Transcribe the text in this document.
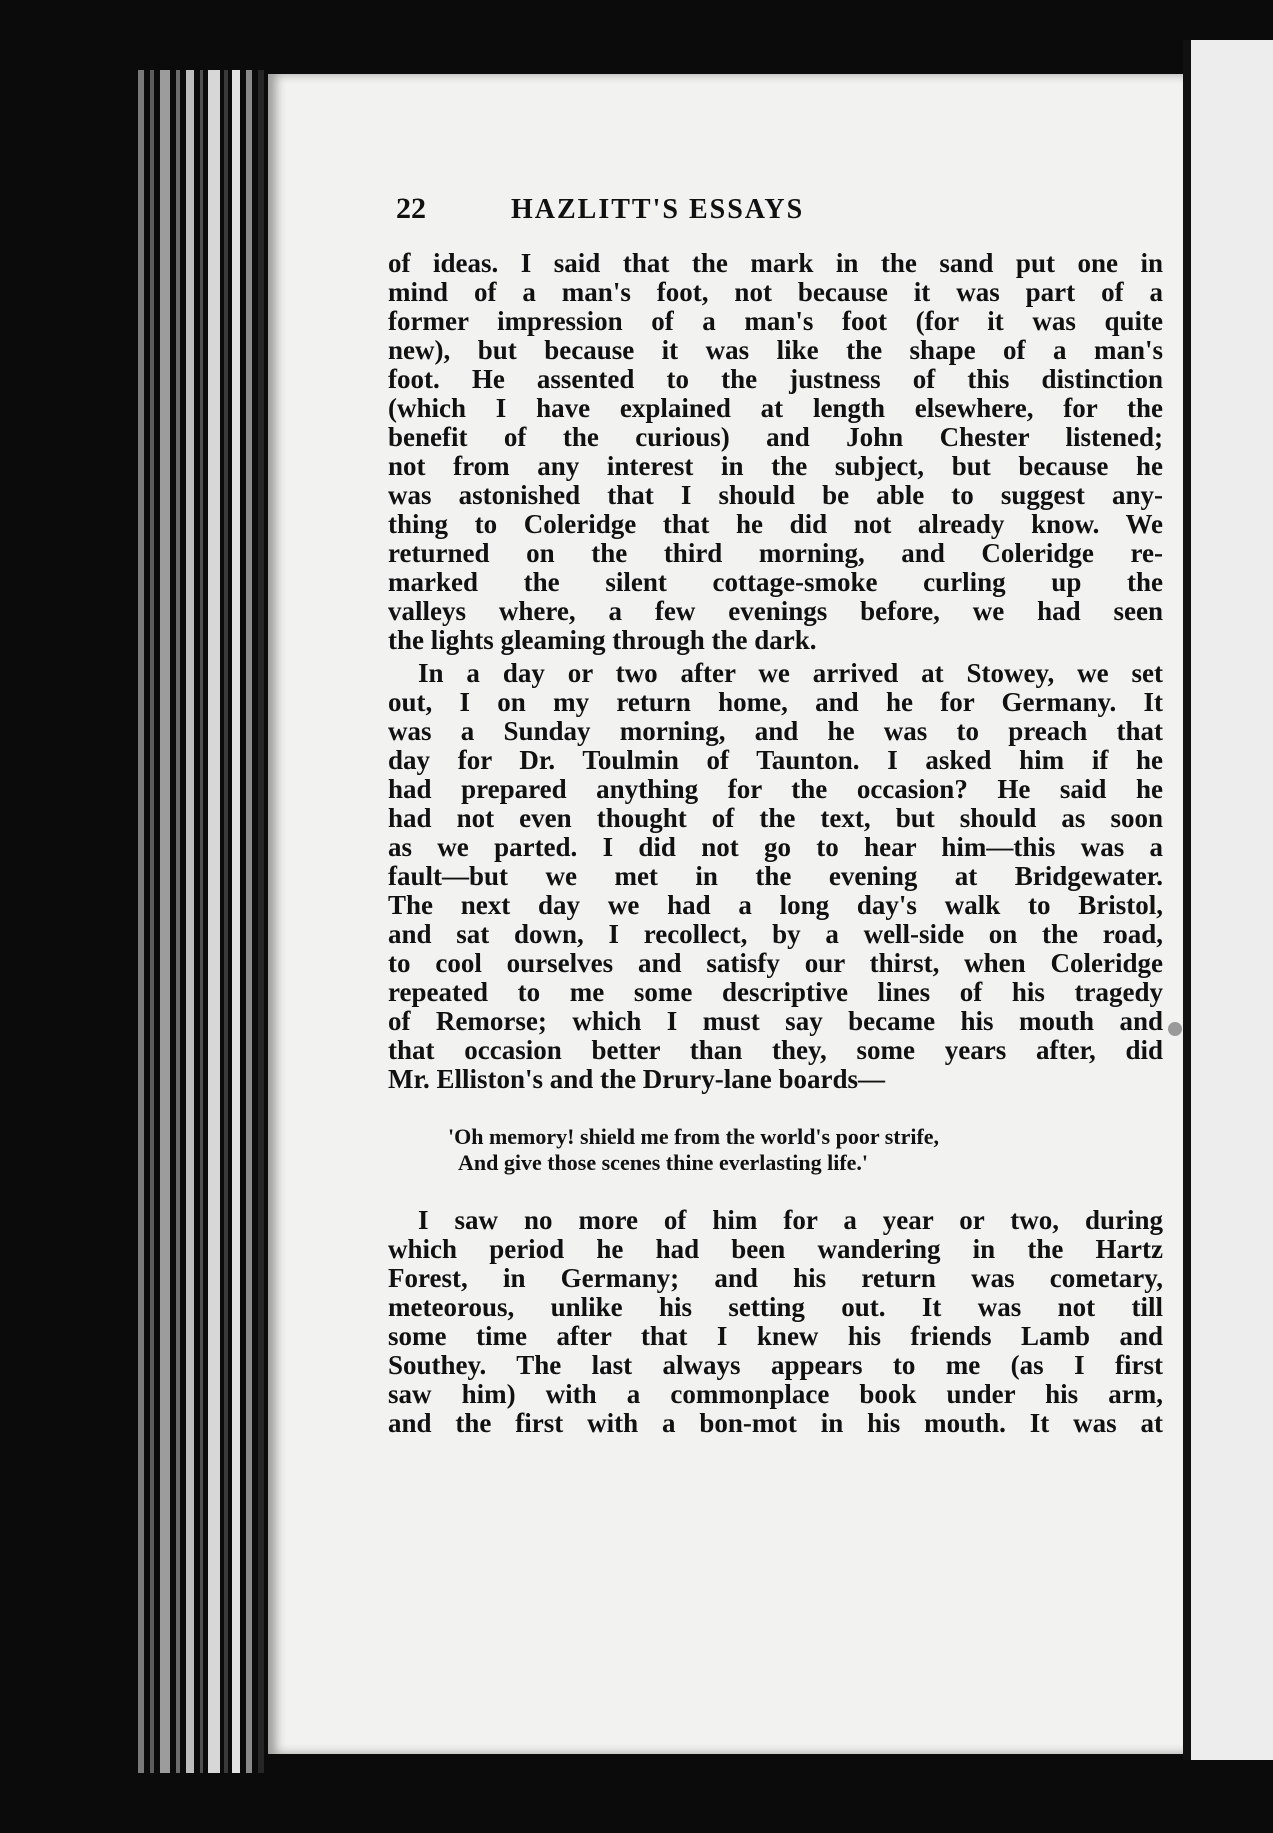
22	HAZLITT'S ESSAYS
of ideas. I said that the mark in the sand put one in
mind of a man's foot, not because it was part of a
former impression of a man's foot (for it was quite
new), but because it was like the shape of a man's
foot. He assented to the justness of this distinction
(which I have explained at length elsewhere, for the
benefit of the curious) and John Chester listened;
not from any interest in the subject, but because he
was astonished that I should be able to suggest any-
thing to Coleridge that he did not already know. We
returned on the third morning, and Coleridge re-
marked the silent cottage-smoke curling up the
valleys where, a few evenings before, we had seen
the lights gleaming through the dark.
In a day or two after we arrived at Stowey, we set
out, I on my return home, and he for Germany. It
was a Sunday morning, and he was to preach that
day for Dr. Toulmin of Taunton. I asked him if he
had prepared anything for the occasion? He said he
had not even thought of the text, but should as soon
as we parted. I did not go to hear him—this was a
fault—but we met in the evening at Bridgewater.
The next day we had a long day's walk to Bristol,
and sat down, I recollect, by a well-side on the road,
to cool ourselves and satisfy our thirst, when Coleridge
repeated to me some descriptive lines of his tragedy
of Remorse; which I must say became his mouth and
that occasion better than they, some years after, did
Mr. Elliston's and the Drury-lane boards—
'Oh memory! shield me from the world's poor strife,
And give those scenes thine everlasting life.'
I saw no more of him for a year or two, during
which period he had been wandering in the Hartz
Forest, in Germany; and his return was cometary,
meteorous, unlike his setting out. It was not till
some time after that I knew his friends Lamb and
Southey. The last always appears to me (as I first
saw him) with a commonplace book under his arm,
and the first with a bon-mot in his mouth. It was at
